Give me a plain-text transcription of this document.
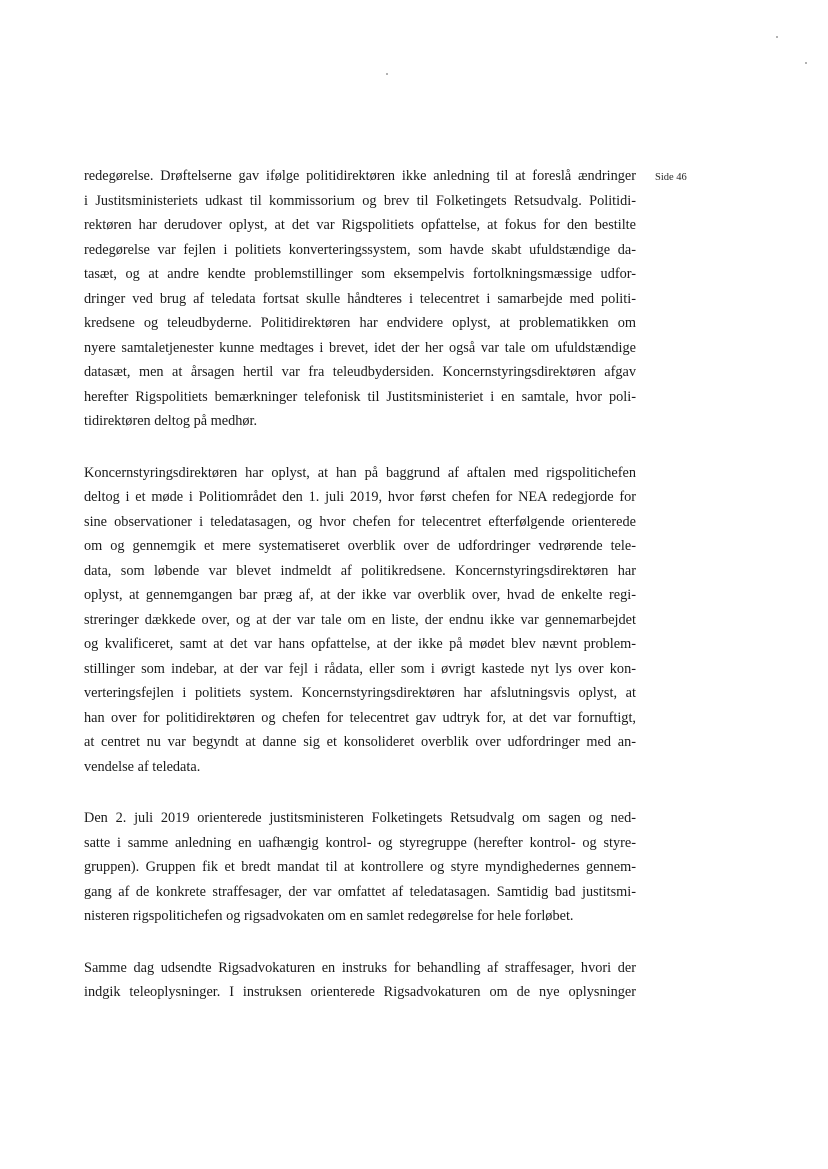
Side 46

redegørelse. Drøftelserne gav ifølge politidirektøren ikke anledning til at foreslå ændringer
i Justitsministeriets udkast til kommissorium og brev til Folketingets Retsudvalg. Politidi-
rektøren har derudover oplyst, at det var Rigspolitiets opfattelse, at fokus for den bestilte
redegørelse var fejlen i politiets konverteringssystem, som havde skabt ufuldstændige da-
tasæt, og at andre kendte problemstillinger som eksempelvis fortolkningsmæssige udfor-
dringer ved brug af teledata fortsat skulle håndteres i telecentret i samarbejde med politi-
kredsene og teleudbyderne. Politidirektøren har endvidere oplyst, at problematikken om
nyere samtaletjenester kunne medtages i brevet, idet der her også var tale om ufuldstændige
datasæt, men at årsagen hertil var fra teleudbydersiden. Koncernstyringsdirektøren afgav
herefter Rigspolitiets bemærkninger telefonisk til Justitsministeriet i en samtale, hvor poli-
tidirektøren deltog på medhør.

Koncernstyringsdirektøren har oplyst, at han på baggrund af aftalen med rigspolitichefen
deltog i et møde i Politiområdet den 1. juli 2019, hvor først chefen for NEA redegjorde for
sine observationer i teledatasagen, og hvor chefen for telecentret efterfølgende orienterede
om og gennemgik et mere systematiseret overblik over de udfordringer vedrørende tele-
data, som løbende var blevet indmeldt af politikredsene. Koncernstyringsdirektøren har
oplyst, at gennemgangen bar præg af, at der ikke var overblik over, hvad de enkelte regi-
streringer dækkede over, og at der var tale om en liste, der endnu ikke var gennemarbejdet
og kvalificeret, samt at det var hans opfattelse, at der ikke på mødet blev nævnt problem-
stillinger som indebar, at der var fejl i rådata, eller som i øvrigt kastede nyt lys over kon-
verteringsfejlen i politiets system. Koncernstyringsdirektøren har afslutningsvis oplyst, at
han over for politidirektøren og chefen for telecentret gav udtryk for, at det var fornuftigt,
at centret nu var begyndt at danne sig et konsolideret overblik over udfordringer med an-
vendelse af teledata.

Den 2. juli 2019 orienterede justitsministeren Folketingets Retsudvalg om sagen og ned-
satte i samme anledning en uafhængig kontrol- og styregruppe (herefter kontrol- og styre-
gruppen). Gruppen fik et bredt mandat til at kontrollere og styre myndighedernes gennem-
gang af de konkrete straffesager, der var omfattet af teledatasagen. Samtidig bad justitsmi-
nisteren rigspolitichefen og rigsadvokaten om en samlet redegørelse for hele forløbet.

Samme dag udsendte Rigsadvokaturen en instruks for behandling af straffesager, hvori der
indgik teleoplysninger. I instruksen orienterede Rigsadvokaturen om de nye oplysninger
